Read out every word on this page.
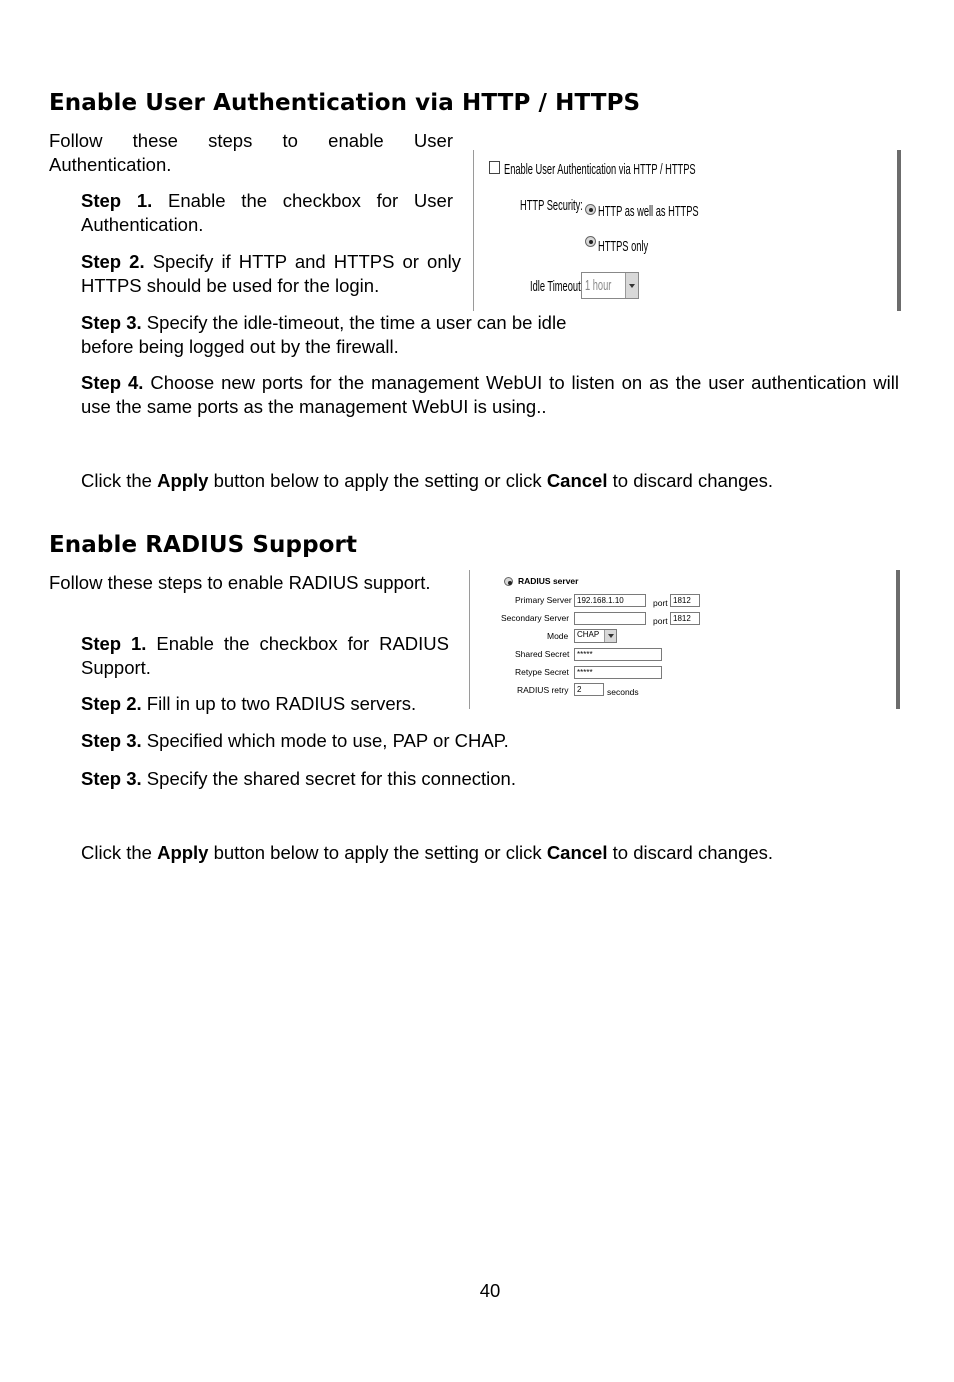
Enable User Authentication via HTTP / HTTPS

Follow these steps to enable User Authentication.

Step 1. Enable the checkbox for User Authentication.

Step 2. Specify if HTTP and HTTPS or only HTTPS should be used for the login.

Step 3. Specify the idle-timeout, the time a user can be idle before being logged out by the firewall.

Step 4. Choose new ports for the management WebUI to listen on as the user authentication will use the same ports as the management WebUI is using..

Click the Apply button below to apply the setting or click Cancel to discard changes.

Enable User Authentication via HTTP / HTTPS
HTTP Security: HTTP as well as HTTPS
HTTPS only
Idle Timeout 1 hour
Enable RADIUS Support

Follow these steps to enable RADIUS support.

Step 1. Enable the checkbox for RADIUS Support.

Step 2. Fill in up to two RADIUS servers.

Step 3. Specified which mode to use, PAP or CHAP.

Step 3. Specify the shared secret for this connection.

Click the Apply button below to apply the setting or click Cancel to discard changes.

RADIUS server
Primary Server 192.168.1.10	port 1812
Secondary Server	port 1812
Mode CHAP
Shared Secret *****
Retype Secret	*****
RADIUS retry	2	seconds
40
